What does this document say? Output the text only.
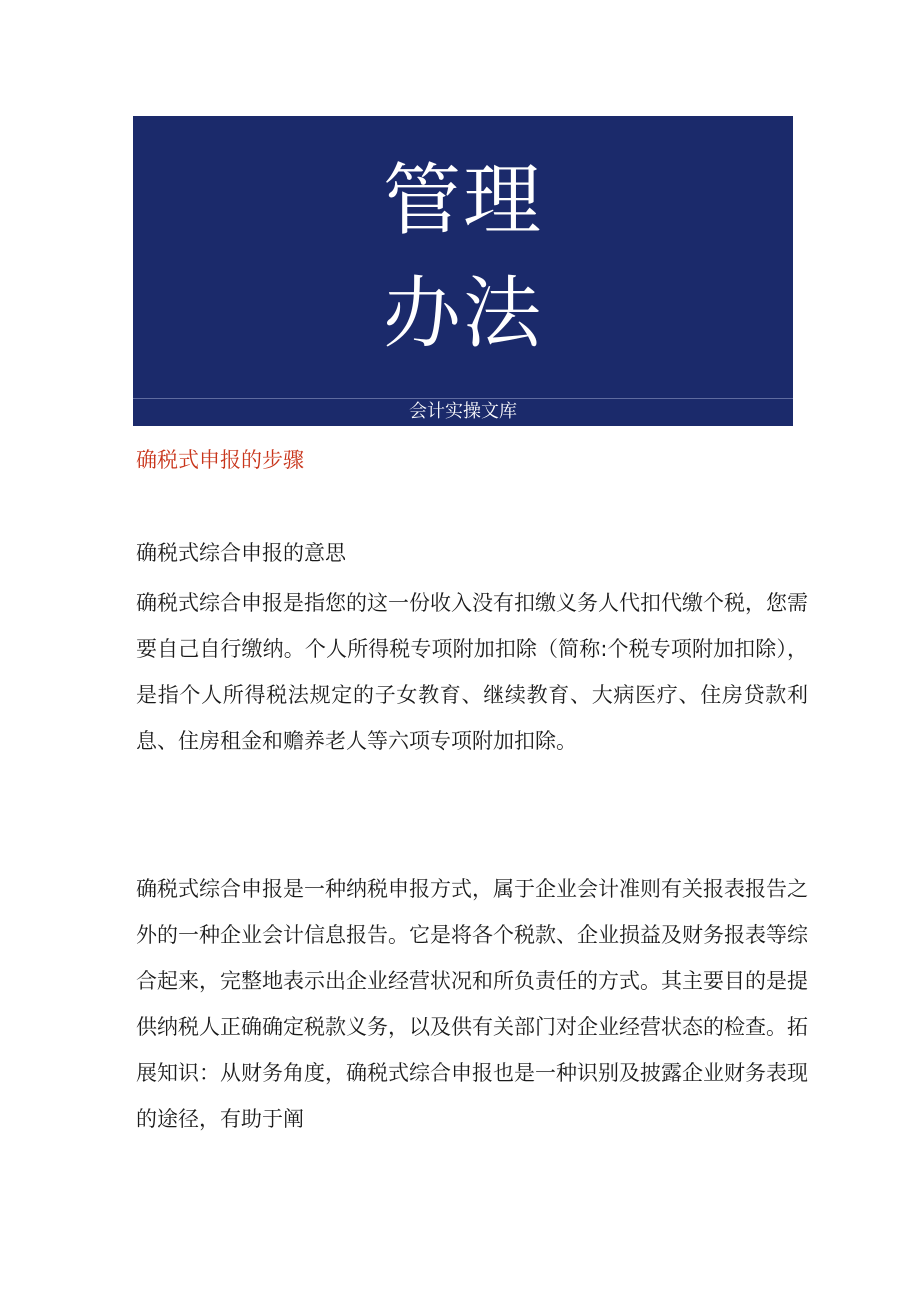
管理
办法
会计实操文库
确税式申报的步骤
确税式综合申报的意思
确税式综合申报是指您的这一份收入没有扣缴义务人代扣代缴个税，您需要自己自行缴纳。个人所得税专项附加扣除（简称:个税专项附加扣除），是指个人所得税法规定的子女教育、继续教育、大病医疗、住房贷款利息、住房租金和赡养老人等六项专项附加扣除。
确税式综合申报是一种纳税申报方式，属于企业会计准则有关报表报告之外的一种企业会计信息报告。它是将各个税款、企业损益及财务报表等综合起来，完整地表示出企业经营状况和所负责任的方式。其主要目的是提供纳税人正确确定税款义务，以及供有关部门对企业经营状态的检查。拓展知识：从财务角度，确税式综合申报也是一种识别及披露企业财务表现的途径，有助于阐
